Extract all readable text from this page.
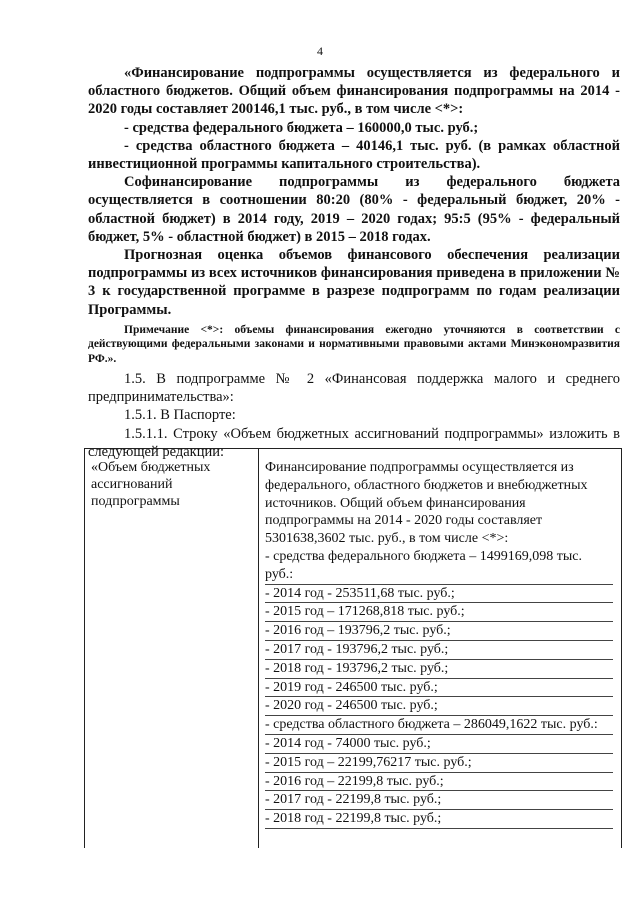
4

«Финансирование подпрограммы осуществляется из федерального и областного бюджетов. Общий объем финансирования подпрограммы на 2014 - 2020 годы составляет 200146,1 тыс. руб., в том числе <*>:

- средства федерального бюджета – 160000,0 тыс. руб.;

- средства областного бюджета – 40146,1 тыс. руб. (в рамках областной инвестиционной программы капитального строительства).

Софинансирование подпрограммы из федерального бюджета осуществляется в соотношении 80:20 (80% - федеральный бюджет, 20% - областной бюджет) в 2014 году, 2019 – 2020 годах; 95:5 (95% - федеральный бюджет, 5% - областной бюджет) в 2015 – 2018 годах.

Прогнозная оценка объемов финансового обеспечения реализации подпрограммы из всех источников финансирования приведена в приложении № 3 к государственной программе в разрезе подпрограмм по годам реализации Программы.

Примечание <*>: объемы финансирования ежегодно уточняются в соответствии с действующими федеральными законами и нормативными правовыми актами Минэкономразвития РФ.».

1.5. В подпрограмме № 2 «Финансовая поддержка малого и среднего предпринимательства»:

1.5.1. В Паспорте:

1.5.1.1. Строку «Объем бюджетных ассигнований подпрограммы» изложить в следующей редакции:

«Объем бюджетных ассигнований подпрограммы
Финансирование подпрограммы осуществляется из федерального, областного бюджетов и внебюджетных источников. Общий объем финансирования подпрограммы на 2014 - 2020 годы составляет 5301638,3602 тыс. руб., в том числе <*>:
- средства федерального бюджета – 1499169,098 тыс. руб.:
- 2014 год - 253511,68 тыс. руб.;
- 2015 год – 171268,818 тыс. руб.;
- 2016 год – 193796,2 тыс. руб.;
- 2017 год - 193796,2 тыс. руб.;
- 2018 год - 193796,2 тыс. руб.;
- 2019 год - 246500 тыс. руб.;
- 2020 год - 246500 тыс. руб.;
- средства областного бюджета – 286049,1622 тыс. руб.:
- 2014 год - 74000 тыс. руб.;
- 2015 год – 22199,76217 тыс. руб.;
- 2016 год – 22199,8 тыс. руб.;
- 2017 год - 22199,8 тыс. руб.;
- 2018 год - 22199,8 тыс. руб.;
